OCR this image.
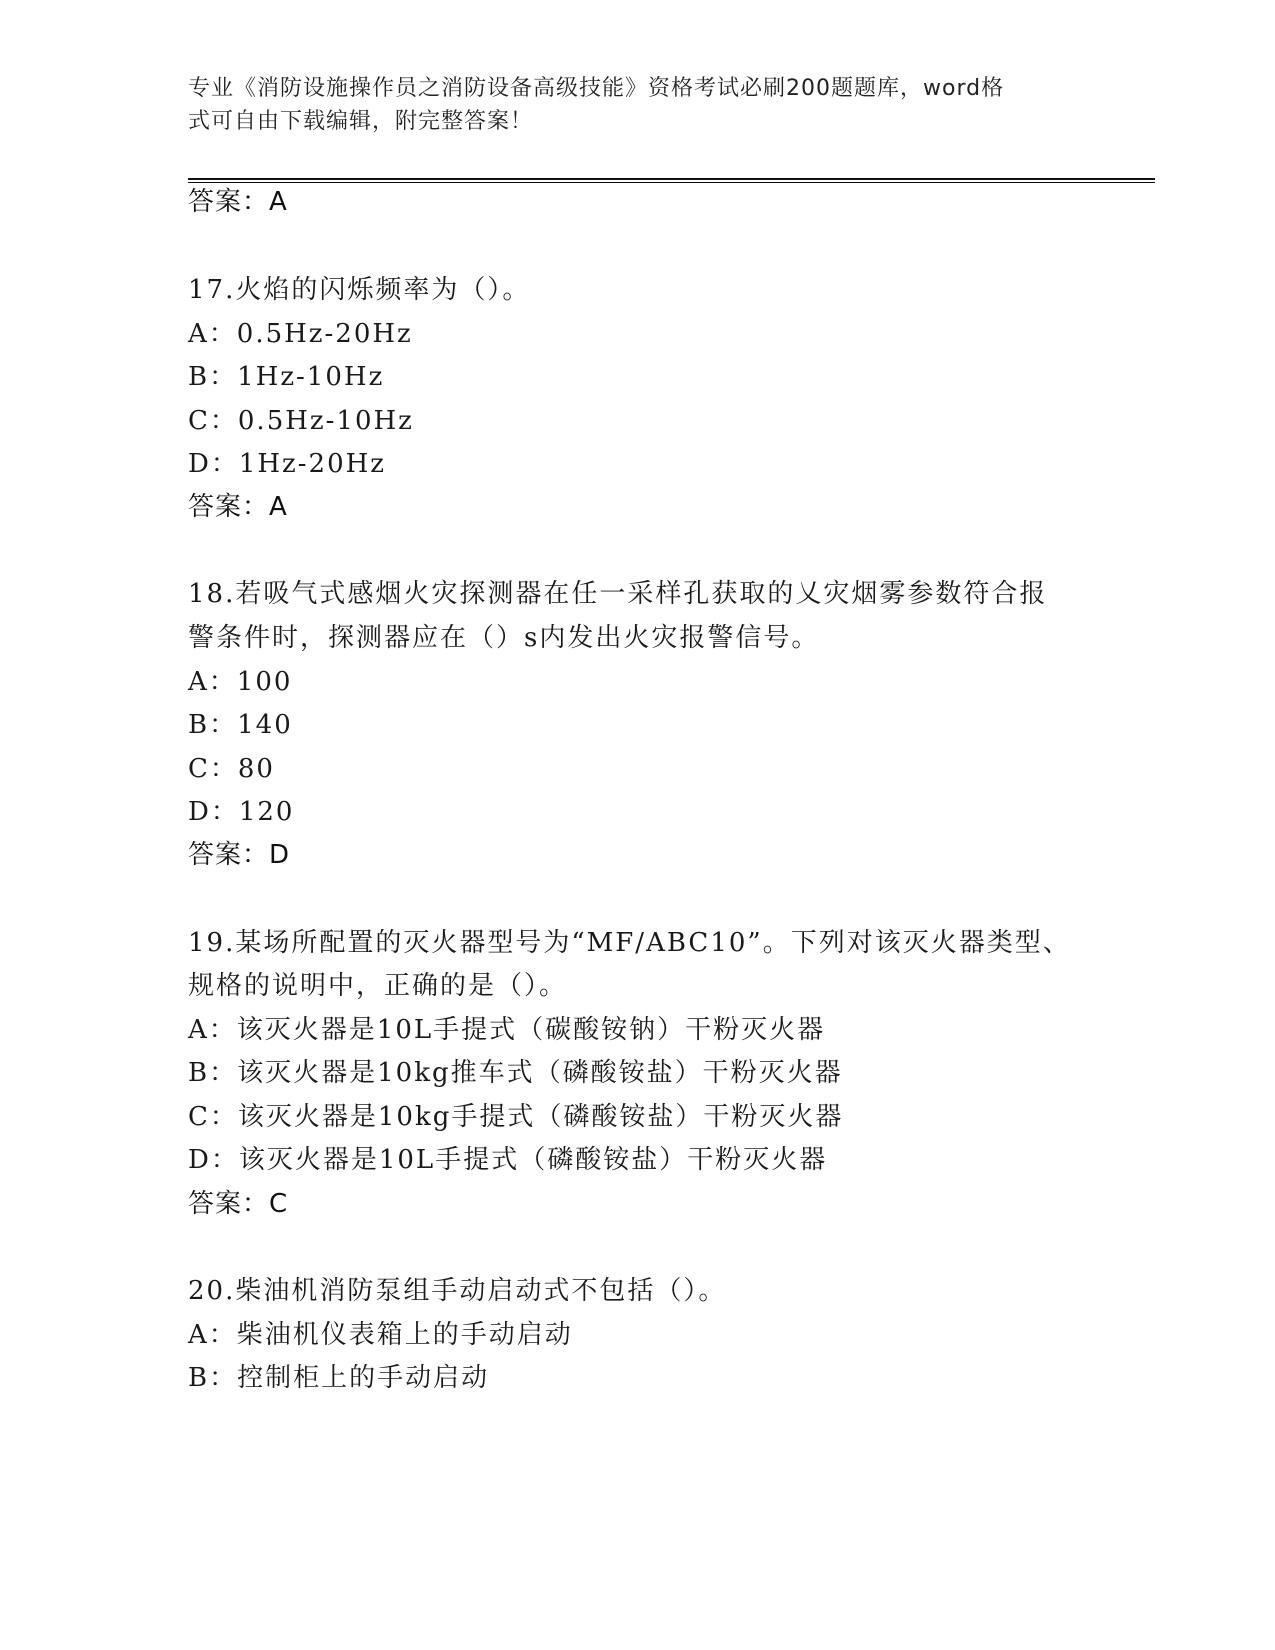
专业《消防设施操作员之消防设备高级技能》资格考试必刷200题题库，word格
式可自由下载编辑，附完整答案！
答案：A
17.火焰的闪烁频率为（）。
A：0.5Hz-20Hz
B：1Hz-10Hz
C：0.5Hz-10Hz
D：1Hz-20Hz
答案：A
18.若吸气式感烟火灾探测器在任一采样孔获取的乂灾烟雾参数符合报
警条件时，探测器应在（）s内发出火灾报警信号。
A：100
B：140
C：80
D：120
答案：D
19.某场所配置的灭火器型号为“MF/ABC10”。下列对该灭火器类型、
规格的说明中，正确的是（）。
A：该灭火器是10L手提式（碳酸铵钠）干粉灭火器
B：该灭火器是10kg推车式（磷酸铵盐）干粉灭火器
C：该灭火器是10kg手提式（磷酸铵盐）干粉灭火器
D：该灭火器是10L手提式（磷酸铵盐）干粉灭火器
答案：C
20.柴油机消防泵组手动启动式不包括（）。
A：柴油机仪表箱上的手动启动
B：控制柜上的手动启动
